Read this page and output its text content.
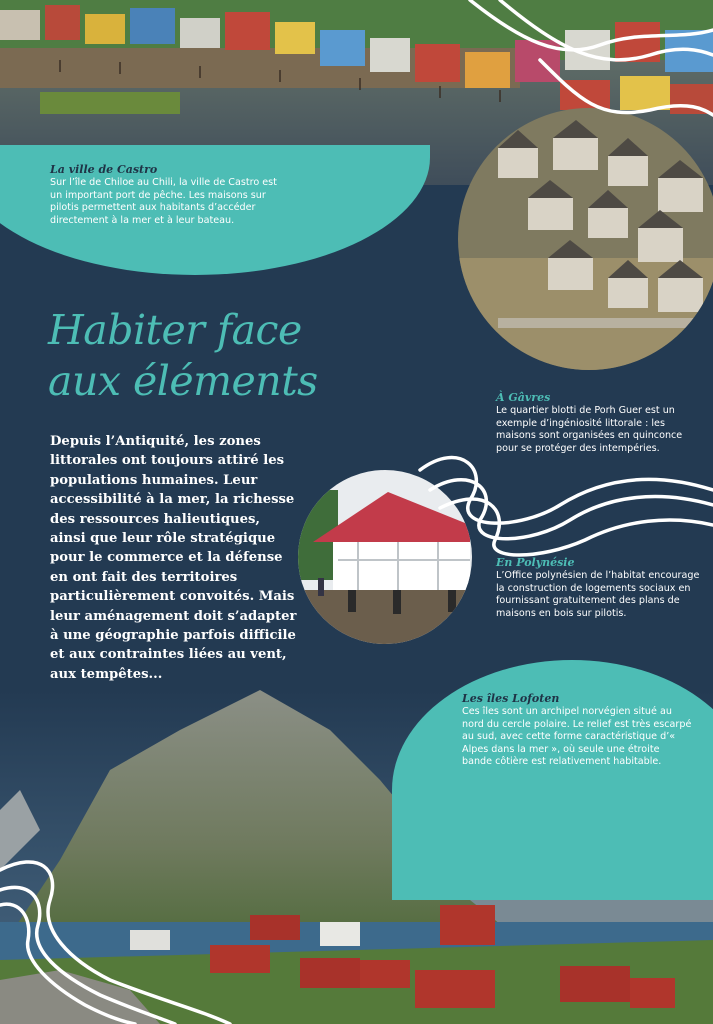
La ville de Castro
Sur l’île de Chiloe au Chili, la ville de Castro est un important port de pêche. Les maisons sur pilotis permettent aux habitants d’accéder directement à la mer et à leur bateau.
Habiter face
aux éléments

Depuis l’Antiquité, les zones littorales ont toujours attiré les populations humaines. Leur accessibilité à la mer, la richesse des ressources halieutiques, ainsi que leur rôle stratégique pour le commerce et la défense en ont fait des territoires particulièrement convoités. Mais leur aménagement doit s’adapter à une géographie parfois difficile et aux contraintes liées au vent, aux tempêtes...

À Gâvres
Le quartier blotti de Porh Guer est un exemple d’ingéniosité littorale : les maisons sont organisées en quinconce pour se protéger des intempéries.
En Polynésie
L’Office polynésien de l’habitat encourage la construction de logements sociaux en fournissant gratuitement des plans de maisons en bois sur pilotis.
Les îles Lofoten
Ces îles sont un archipel norvégien situé au nord du cercle polaire. Le relief est très escarpé au sud, avec cette forme caractéristique d’« Alpes dans la mer », où seule une étroite bande côtière est relativement habitable.
